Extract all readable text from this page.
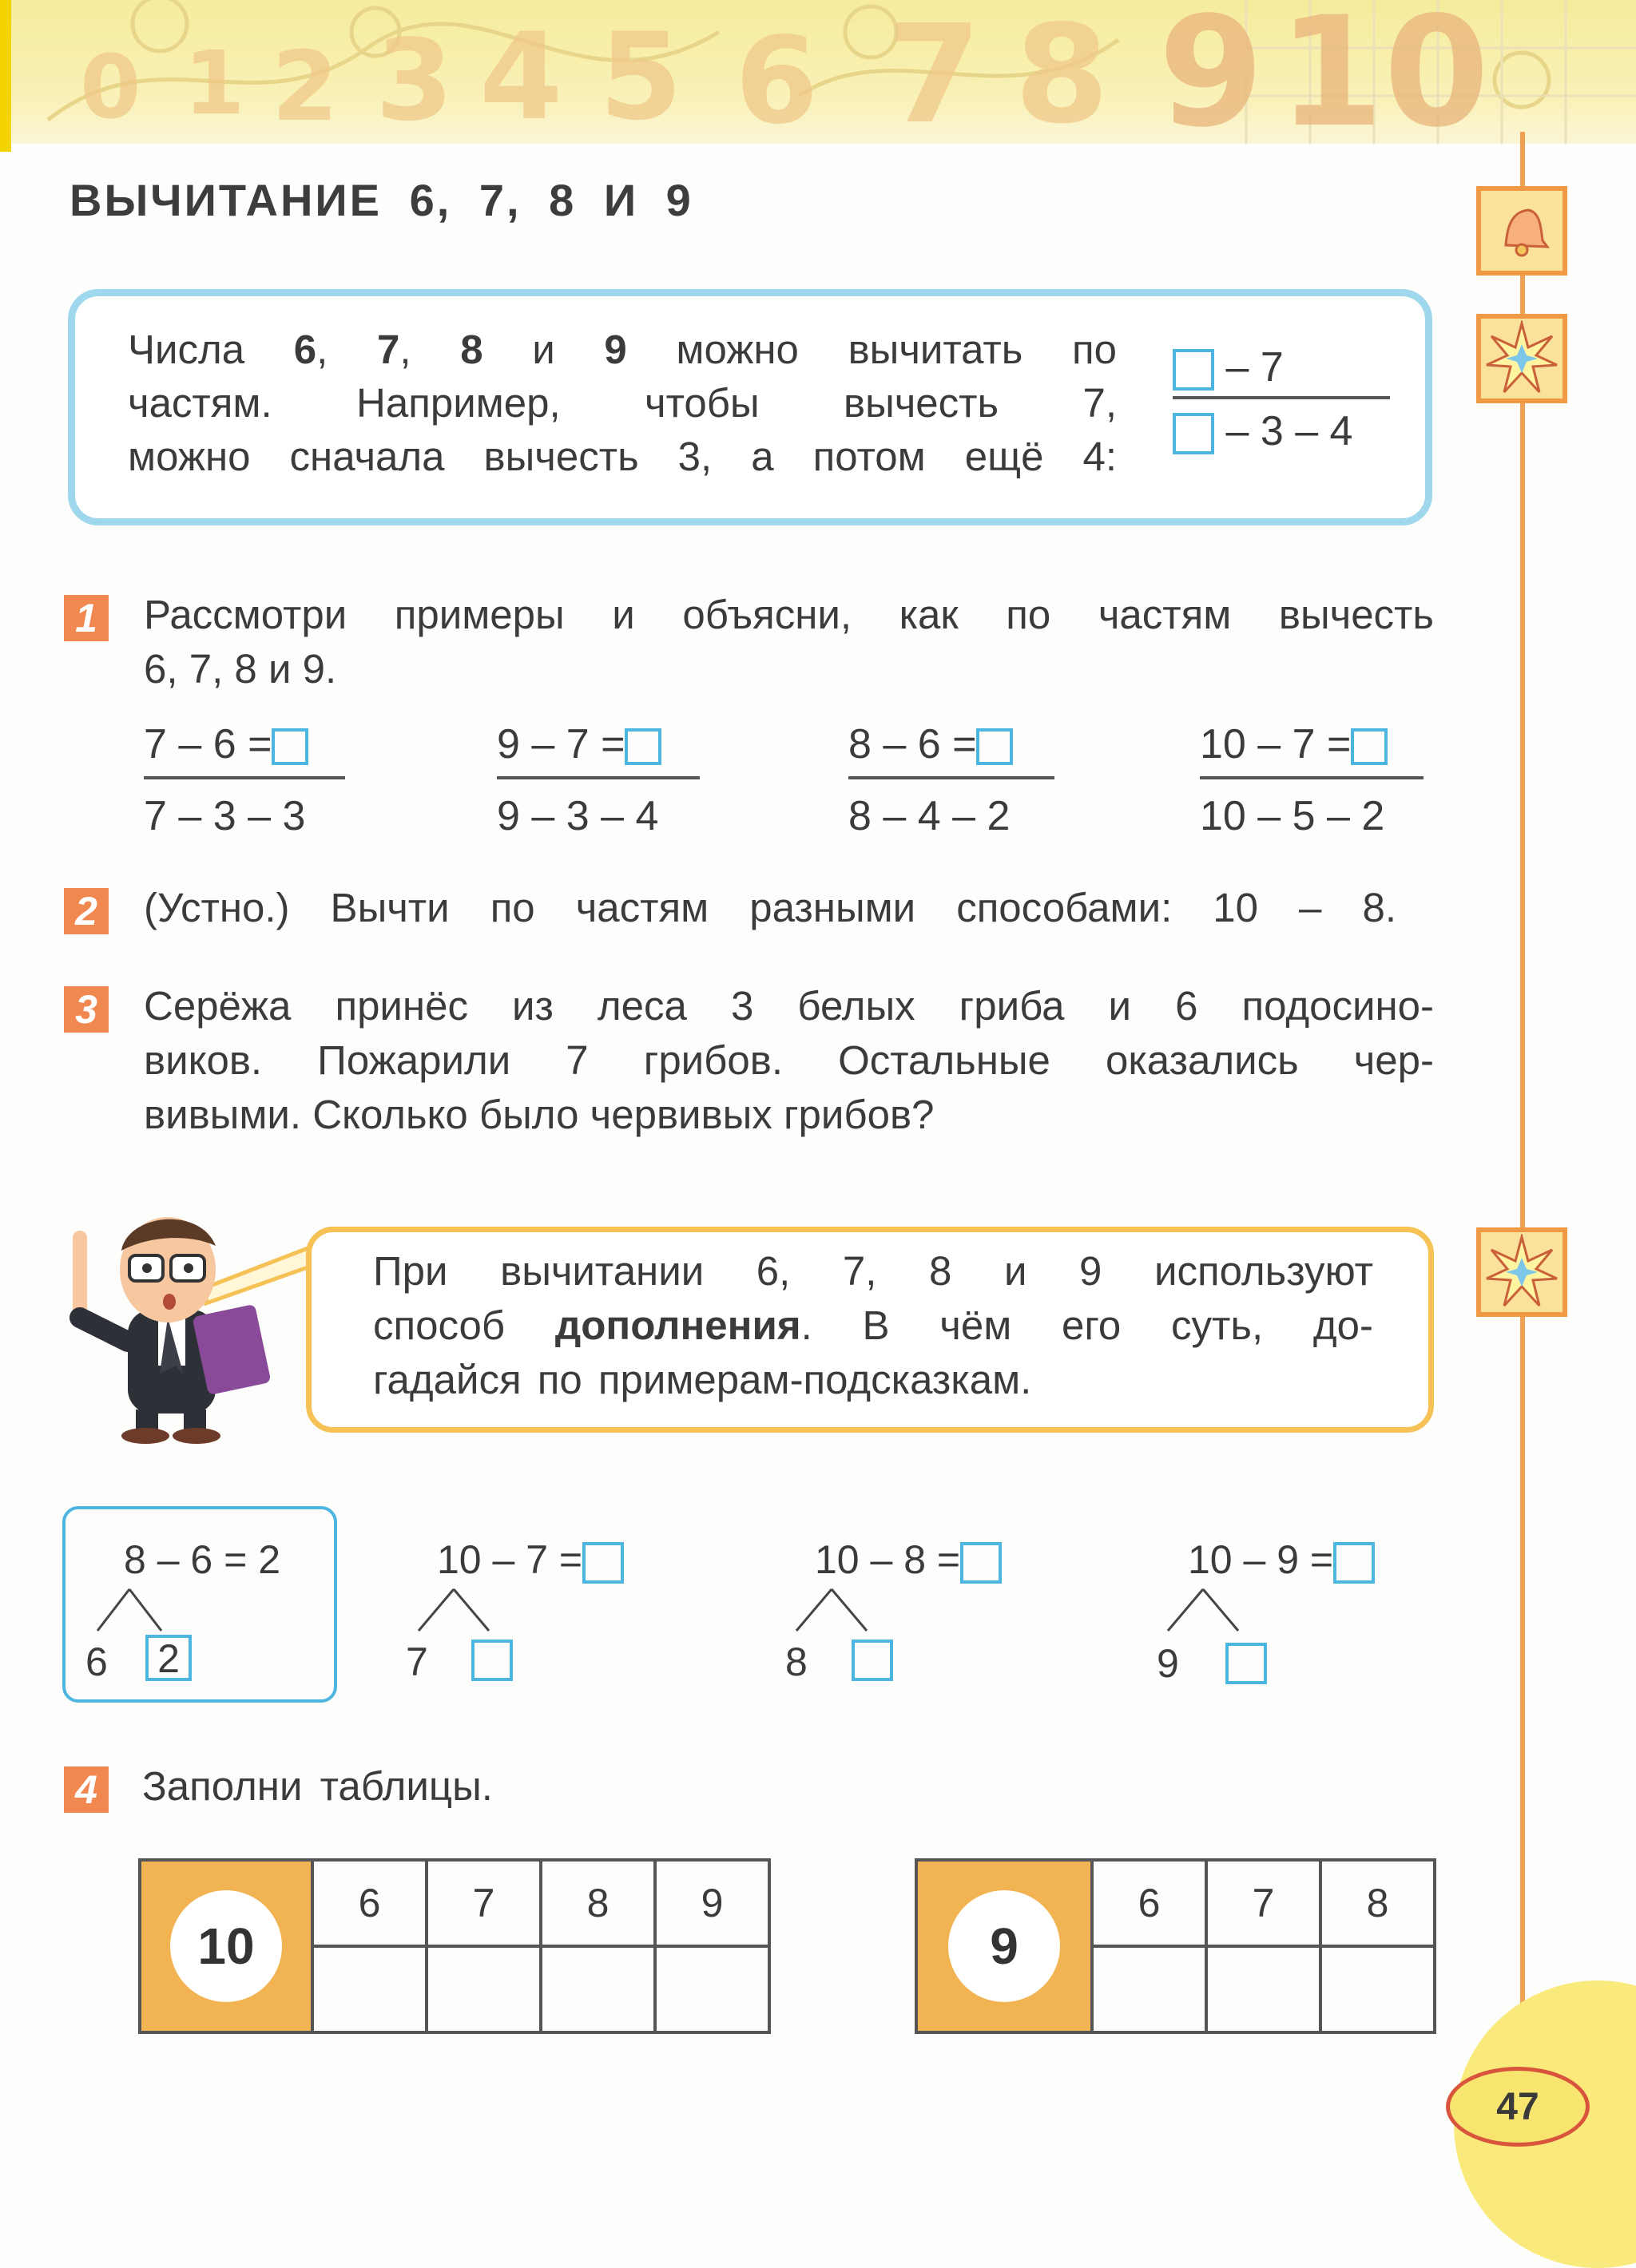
0 1 2 3 4 5 6 7 8 9 10
ВЫЧИТАНИЕ 6, 7, 8 И 9
Числа 6, 7, 8 и 9 можно вычитать по
частям. Например, чтобы вычесть 7,
можно сначала вычесть 3, а потом ещё 4:
– 7
– 3 – 4
1 Рассмотри примеры и объясни, как по частям вычесть
6, 7, 8 и 9.
7 – 6 =
7 – 3 – 3
9 – 7 =
9 – 3 – 4
8 – 6 =
8 – 4 – 2
10 – 7 =
10 – 5 – 2
2 (Устно.) Вычти по частям разными способами: 10 – 8.
3 Серёжа принёс из леса 3 белых гриба и 6 подосино-
виков. Пожарили 7 грибов. Остальные оказались чер-
вивыми. Сколько было червивых грибов?
При вычитании 6, 7, 8 и 9 используют
способ дополнения. В чём его суть, до-
гадайся по примерам-подсказкам.
8 – 6 = 2
6	2
10 – 7 =
7
10 – 8 =
8
10 – 9 =
9
4 Заполни таблицы.
10	6	7	8	9

9	6	7	8

47
